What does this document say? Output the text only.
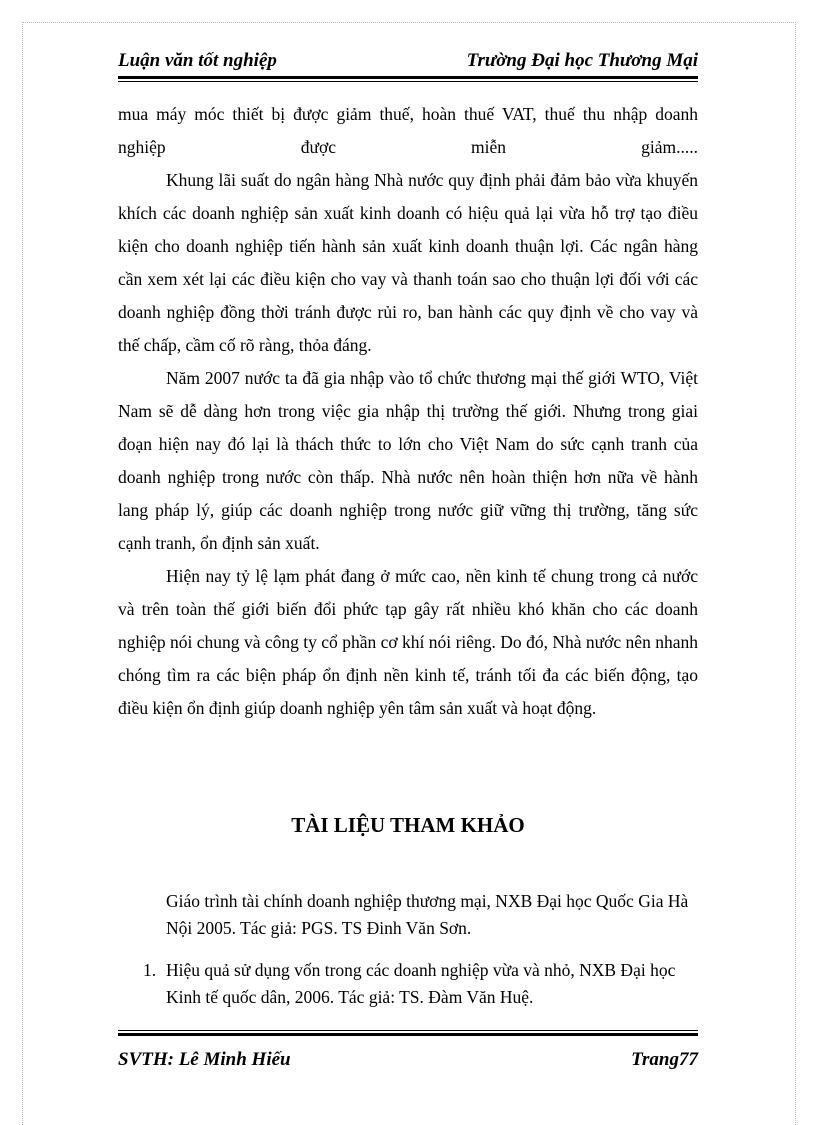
Luận văn tốt nghiệp	Trường Đại học Thương Mại

mua máy móc thiết bị được giảm thuế, hoàn thuế VAT, thuế thu nhập doanh nghiệp được miễn giảm.....

Khung lãi suất do ngân hàng Nhà nước quy định phải đảm bảo vừa khuyến khích các doanh nghiệp sản xuất kinh doanh có hiệu quả lại vừa hỗ trợ tạo điều kiện cho doanh nghiệp tiến hành sản xuất kinh doanh thuận lợi. Các ngân hàng cần xem xét lại các điều kiện cho vay và thanh toán sao cho thuận lợi đối với các doanh nghiệp đồng thời tránh được rủi ro, ban hành các quy định về cho vay và thế chấp, cầm cố rõ ràng, thỏa đáng.

Năm 2007 nước ta đã gia nhập vào tổ chức thương mại thế giới WTO, Việt Nam sẽ dễ dàng hơn trong việc gia nhập thị trường thế giới. Nhưng trong giai đoạn hiện nay đó lại là thách thức to lớn cho Việt Nam do sức cạnh tranh của doanh nghiệp trong nước còn thấp. Nhà nước nên hoàn thiện hơn nữa về hành lang pháp lý, giúp các doanh nghiệp trong nước giữ vững thị trường, tăng sức cạnh tranh, ổn định sản xuất.

Hiện nay tỷ lệ lạm phát đang ở mức cao, nền kinh tế chung trong cả nước và trên toàn thế giới biến đổi phức tạp gây rất nhiều khó khăn cho các doanh nghiệp nói chung và công ty cổ phần cơ khí nói riêng. Do đó, Nhà nước nên nhanh chóng tìm ra các biện pháp ổn định nền kinh tế, tránh tối đa các biến động, tạo điều kiện ổn định giúp doanh nghiệp yên tâm sản xuất và hoạt động.

TÀI LIỆU THAM KHẢO
Giáo trình tài chính doanh nghiệp thương mại, NXB Đại học Quốc Gia Hà Nội 2005. Tác giả: PGS. TS Đinh Văn Sơn.
1. Hiệu quả sử dụng vốn trong các doanh nghiệp vừa và nhỏ, NXB Đại học Kinh tế quốc dân, 2006. Tác giả: TS. Đàm Văn Huệ.
SVTH: Lê Minh Hiếu	Trang77
